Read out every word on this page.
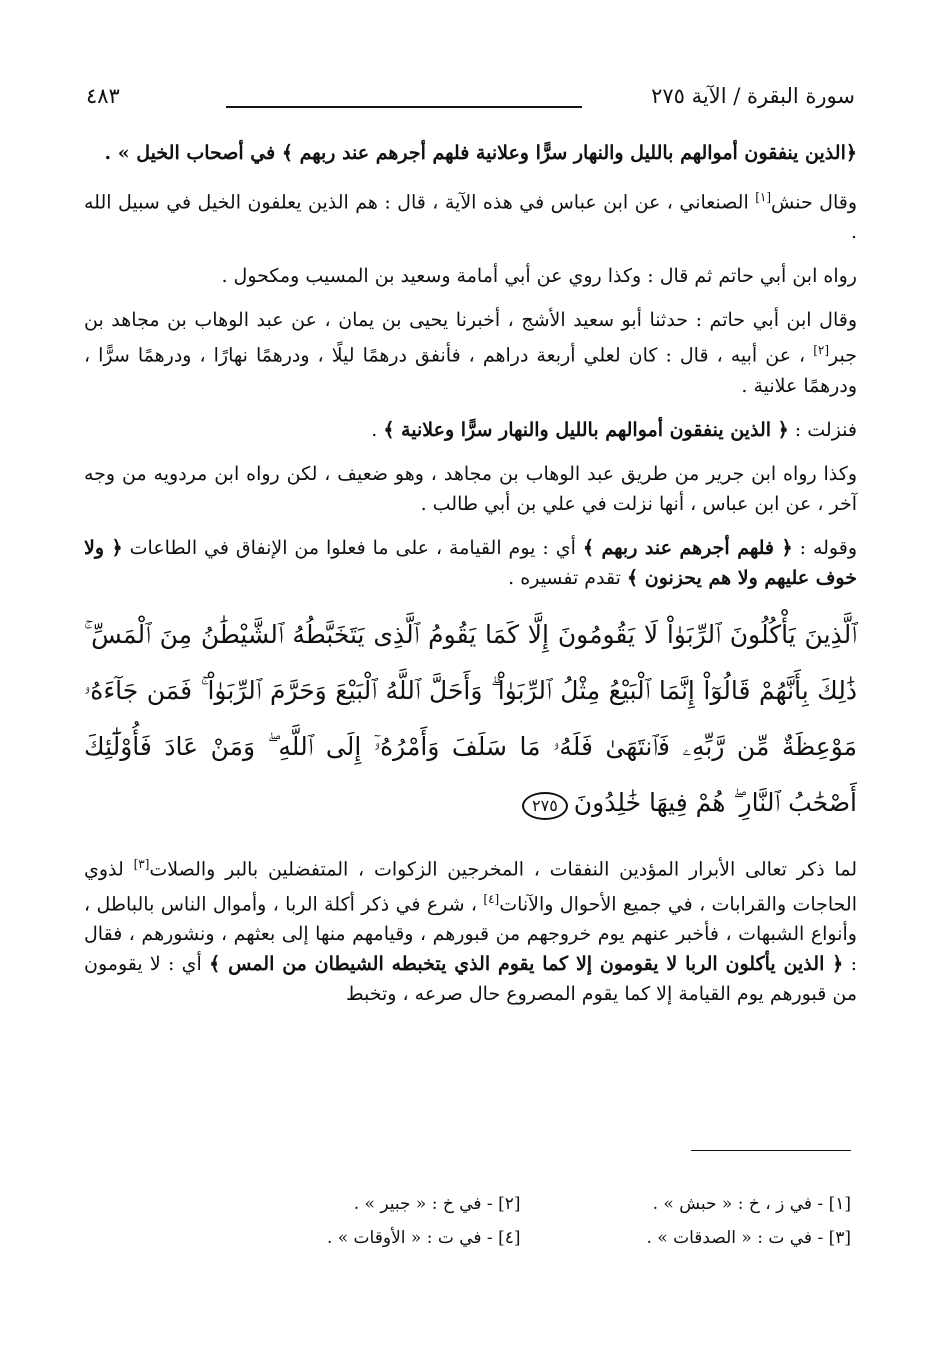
سورة البقرة / الآية ٢٧٥
٤٨٣

﴿الذين ينفقون أموالهم بالليل والنهار سرًّا وعلانية فلهم أجرهم عند ربهم ﴾ في أصحاب الخيل » .

وقال حنش[١] الصنعاني ، عن ابن عباس في هذه الآية ، قال : هم الذين يعلفون الخيل في سبيل الله .

رواه ابن أبي حاتم ثم قال : وكذا روي عن أبي أمامة وسعيد بن المسيب ومكحول .

وقال ابن أبي حاتم : حدثنا أبو سعيد الأشج ، أخبرنا يحيى بن يمان ، عن عبد الوهاب بن مجاهد بن جبر[٢] ، عن أبيه ، قال : كان لعلي أربعة دراهم ، فأنفق درهمًا ليلًا ، ودرهمًا نهارًا ، ودرهمًا سرًّا ، ودرهمًا علانية .

فنزلت : ﴿ الذين ينفقون أموالهم بالليل والنهار سرًّا وعلانية ﴾ .

وكذا رواه ابن جرير من طريق عبد الوهاب بن مجاهد ، وهو ضعيف ، لكن رواه ابن مردويه من وجه آخر ، عن ابن عباس ، أنها نزلت في علي بن أبي طالب .

وقوله : ﴿ فلهم أجرهم عند ربهم ﴾ أي : يوم القيامة ، على ما فعلوا من الإنفاق في الطاعات ﴿ ولا خوف عليهم ولا هم يحزنون ﴾ تقدم تفسيره .

ٱلَّذِينَ يَأْكُلُونَ ٱلرِّبَوٰاْ لَا يَقُومُونَ إِلَّا كَمَا يَقُومُ ٱلَّذِى يَتَخَبَّطُهُ ٱلشَّيْطَٰنُ مِنَ ٱلْمَسِّ ۚ ذَٰلِكَ بِأَنَّهُمْ قَالُوٓاْ إِنَّمَا ٱلْبَيْعُ مِثْلُ ٱلرِّبَوٰاْ ۗ وَأَحَلَّ ٱللَّهُ ٱلْبَيْعَ وَحَرَّمَ ٱلرِّبَوٰاْ ۚ فَمَن جَآءَهُۥ مَوْعِظَةٌ مِّن رَّبِّهِۦ فَٱنتَهَىٰ فَلَهُۥ مَا سَلَفَ وَأَمْرُهُۥٓ إِلَى ٱللَّهِ ۖ وَمَنْ عَادَ فَأُوْلَٰٓئِكَ أَصْحَٰبُ ٱلنَّارِ ۖ هُمْ فِيهَا خَٰلِدُونَ٢٧٥

لما ذكر تعالى الأبرار المؤدين النفقات ، المخرجين الزكوات ، المتفضلين بالبر والصلات[٣] لذوي الحاجات والقرابات ، في جميع الأحوال والآنات[٤] ، شرع في ذكر أكلة الربا ، وأموال الناس بالباطل ، وأنواع الشبهات ، فأخبر عنهم يوم خروجهم من قبورهم ، وقيامهم منها إلى بعثهم ، ونشورهم ، فقال : ﴿ الذين يأكلون الربا لا يقومون إلا كما يقوم الذي يتخبطه الشيطان من المس ﴾ أي : لا يقومون من قبورهم يوم القيامة إلا كما يقوم المصروع حال صرعه ، وتخبط

[١] - في ز ، خ : « حبش » .
[٢] - في خ : « جبير » .
[٣] - في ت : « الصدقات » .
[٤] - في ت : « الأوقات » .
